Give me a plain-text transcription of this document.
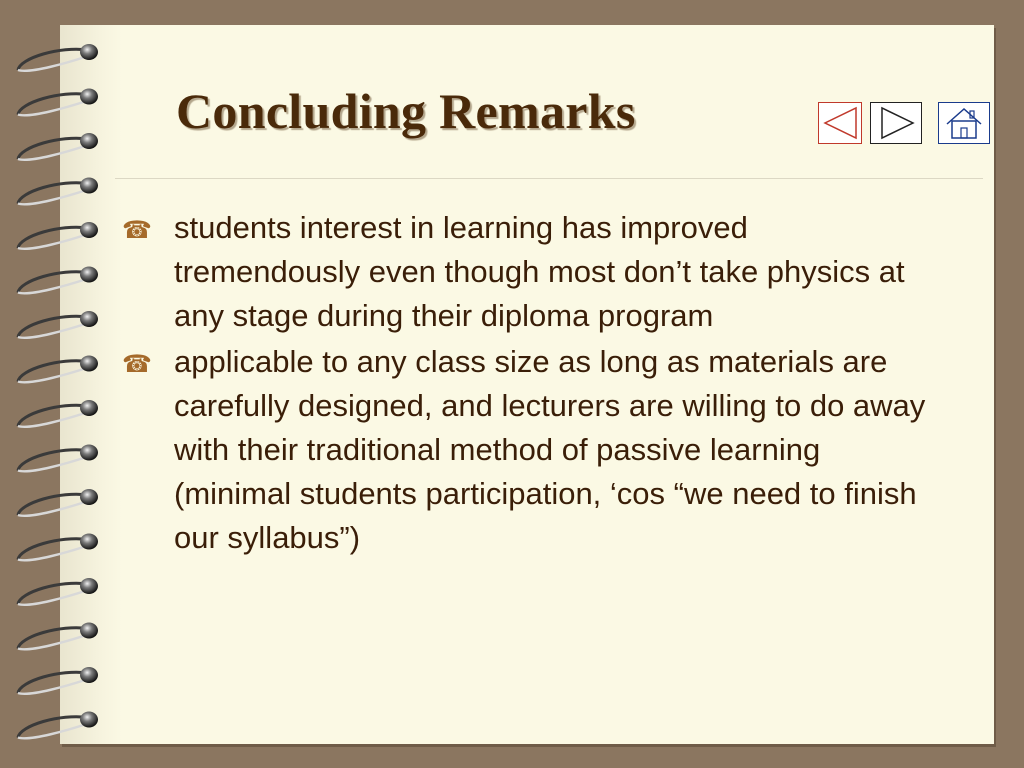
Concluding Remarks
☎ students interest in learning has improved tremendously even though most don’t take physics at any stage during their diploma program
☎ applicable to any class size as long as materials are carefully designed, and lecturers are willing to do away with their traditional method of passive learning (minimal students participation, ‘cos “we need to finish our syllabus”)
